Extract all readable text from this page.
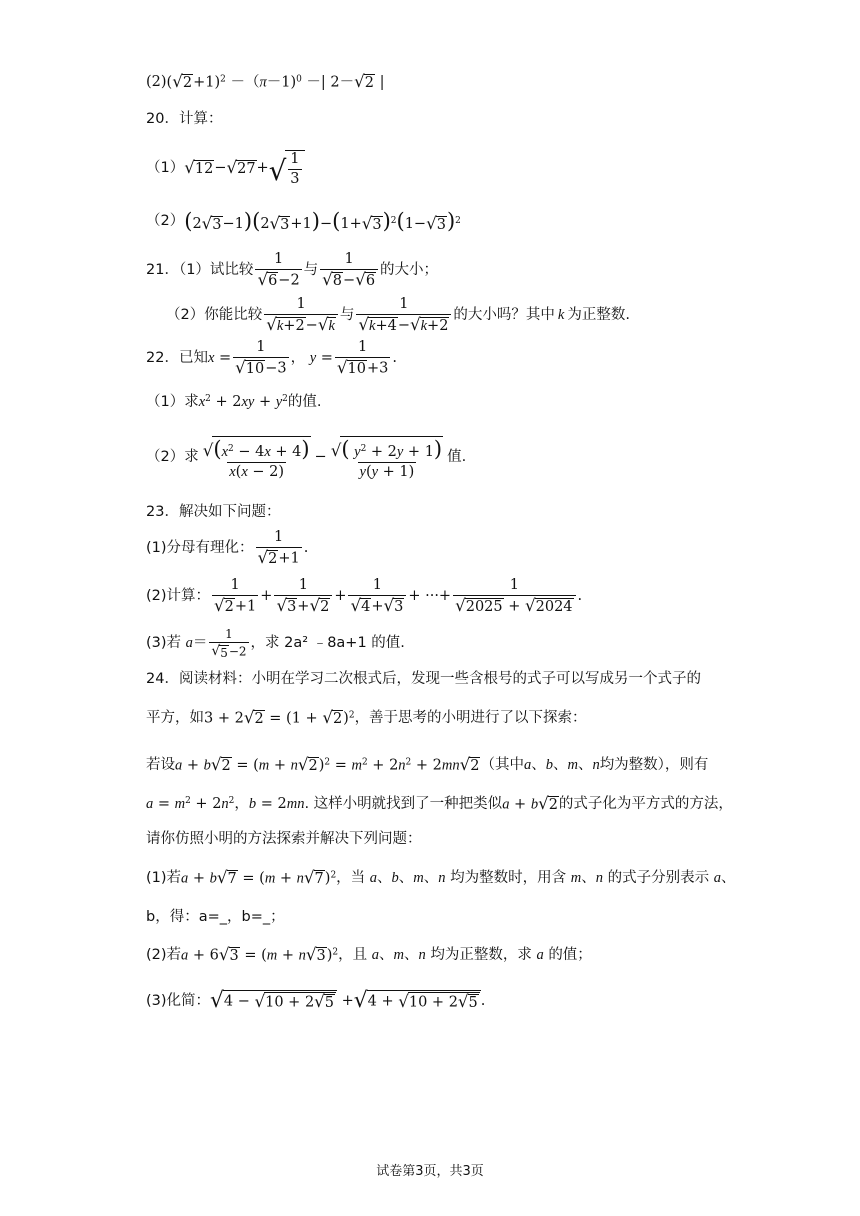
(2) ( √ 2 +1)$^2$ －（π－1)$^0$ －| 2－ √ 2 |
20．计算：
（1） √ 12 − √ 27 + √ $\frac{1}{3}$
（2） (2 √ 3 −1)(2 √ 3 +1)−(1+ √ 3 )$^2$(1− √ 3 )$^2$
21．（1）试比较 $\frac{1}{√ 6 -2}$ 与 $\frac{1}{√ 8 - √ 6}$ 的大小；
（2）你能比较 $\frac{1}{√ k+2 - √ k}$ 与 $\frac{1}{√ k+4 - √ k+2}$ 的大小吗？其中 k 为正整数.
22．已知 $x = \frac{1}{√ 10 -3}$ ， $y = \frac{1}{√ 10 +3}$ .
（1）求 $x^2 + 2xy + y^2$ 的值.
（2）求 $\frac{√ (x^2 - 4x + 4)}{x(x - 2)} - \frac{√ ( y^2 + 2y + 1)}{y(y + 1)}$ 值.
23．解决如下问题：
(1)分母有理化： $\frac{1}{√ 2 +1}$ .
(2)计算： $\frac{1}{√ 2 +1} + \frac{1}{√ 3 + √ 2} + \frac{1}{√ 4 + √ 3}$ + ···+ $\frac{1}{√ 2025 + √ 2024}$ .
(3)若 $a= \frac{1}{√ 5 -2}$ ，求 2a² ﹣8a+1 的值.
24．阅读材料：小明在学习二次根式后，发现一些含根号的式子可以写成另一个式子的
平方，如 3 + 2 √ 2 = (1 + √ 2 )$^2$ ，善于思考的小明进行了以下探索：
若设 a + b √ 2 = (m + n √ 2 )$^2 = m^2 + 2n^2 + 2mn$ √ 2 （其中 a、b、m、n 均为整数），则有
$a = m^2 + 2n^2$，b = 2mn . 这样小明就找到了一种把类似 a + b √ 2 的式子化为平方式的方法，
请你仿照小明的方法探索并解决下列问题：
(1)若 a + b √ 7 = (m + n √ 7 )$^2$ ，当 a、b、m、n 均为整数时，用含 m、n 的式子分别表示 a、
b，得：a=_，b=_；
(2)若 a + 6 √ 3 = (m + n √ 3 )$^2$ ，且 a、m、n 均为正整数，求 a 的值；
(3)化简： √ 4 − √ 10 + 2 √ 5 + √ 4 + √ 10 + 2 √ 5 .
试卷第3页，共3页
